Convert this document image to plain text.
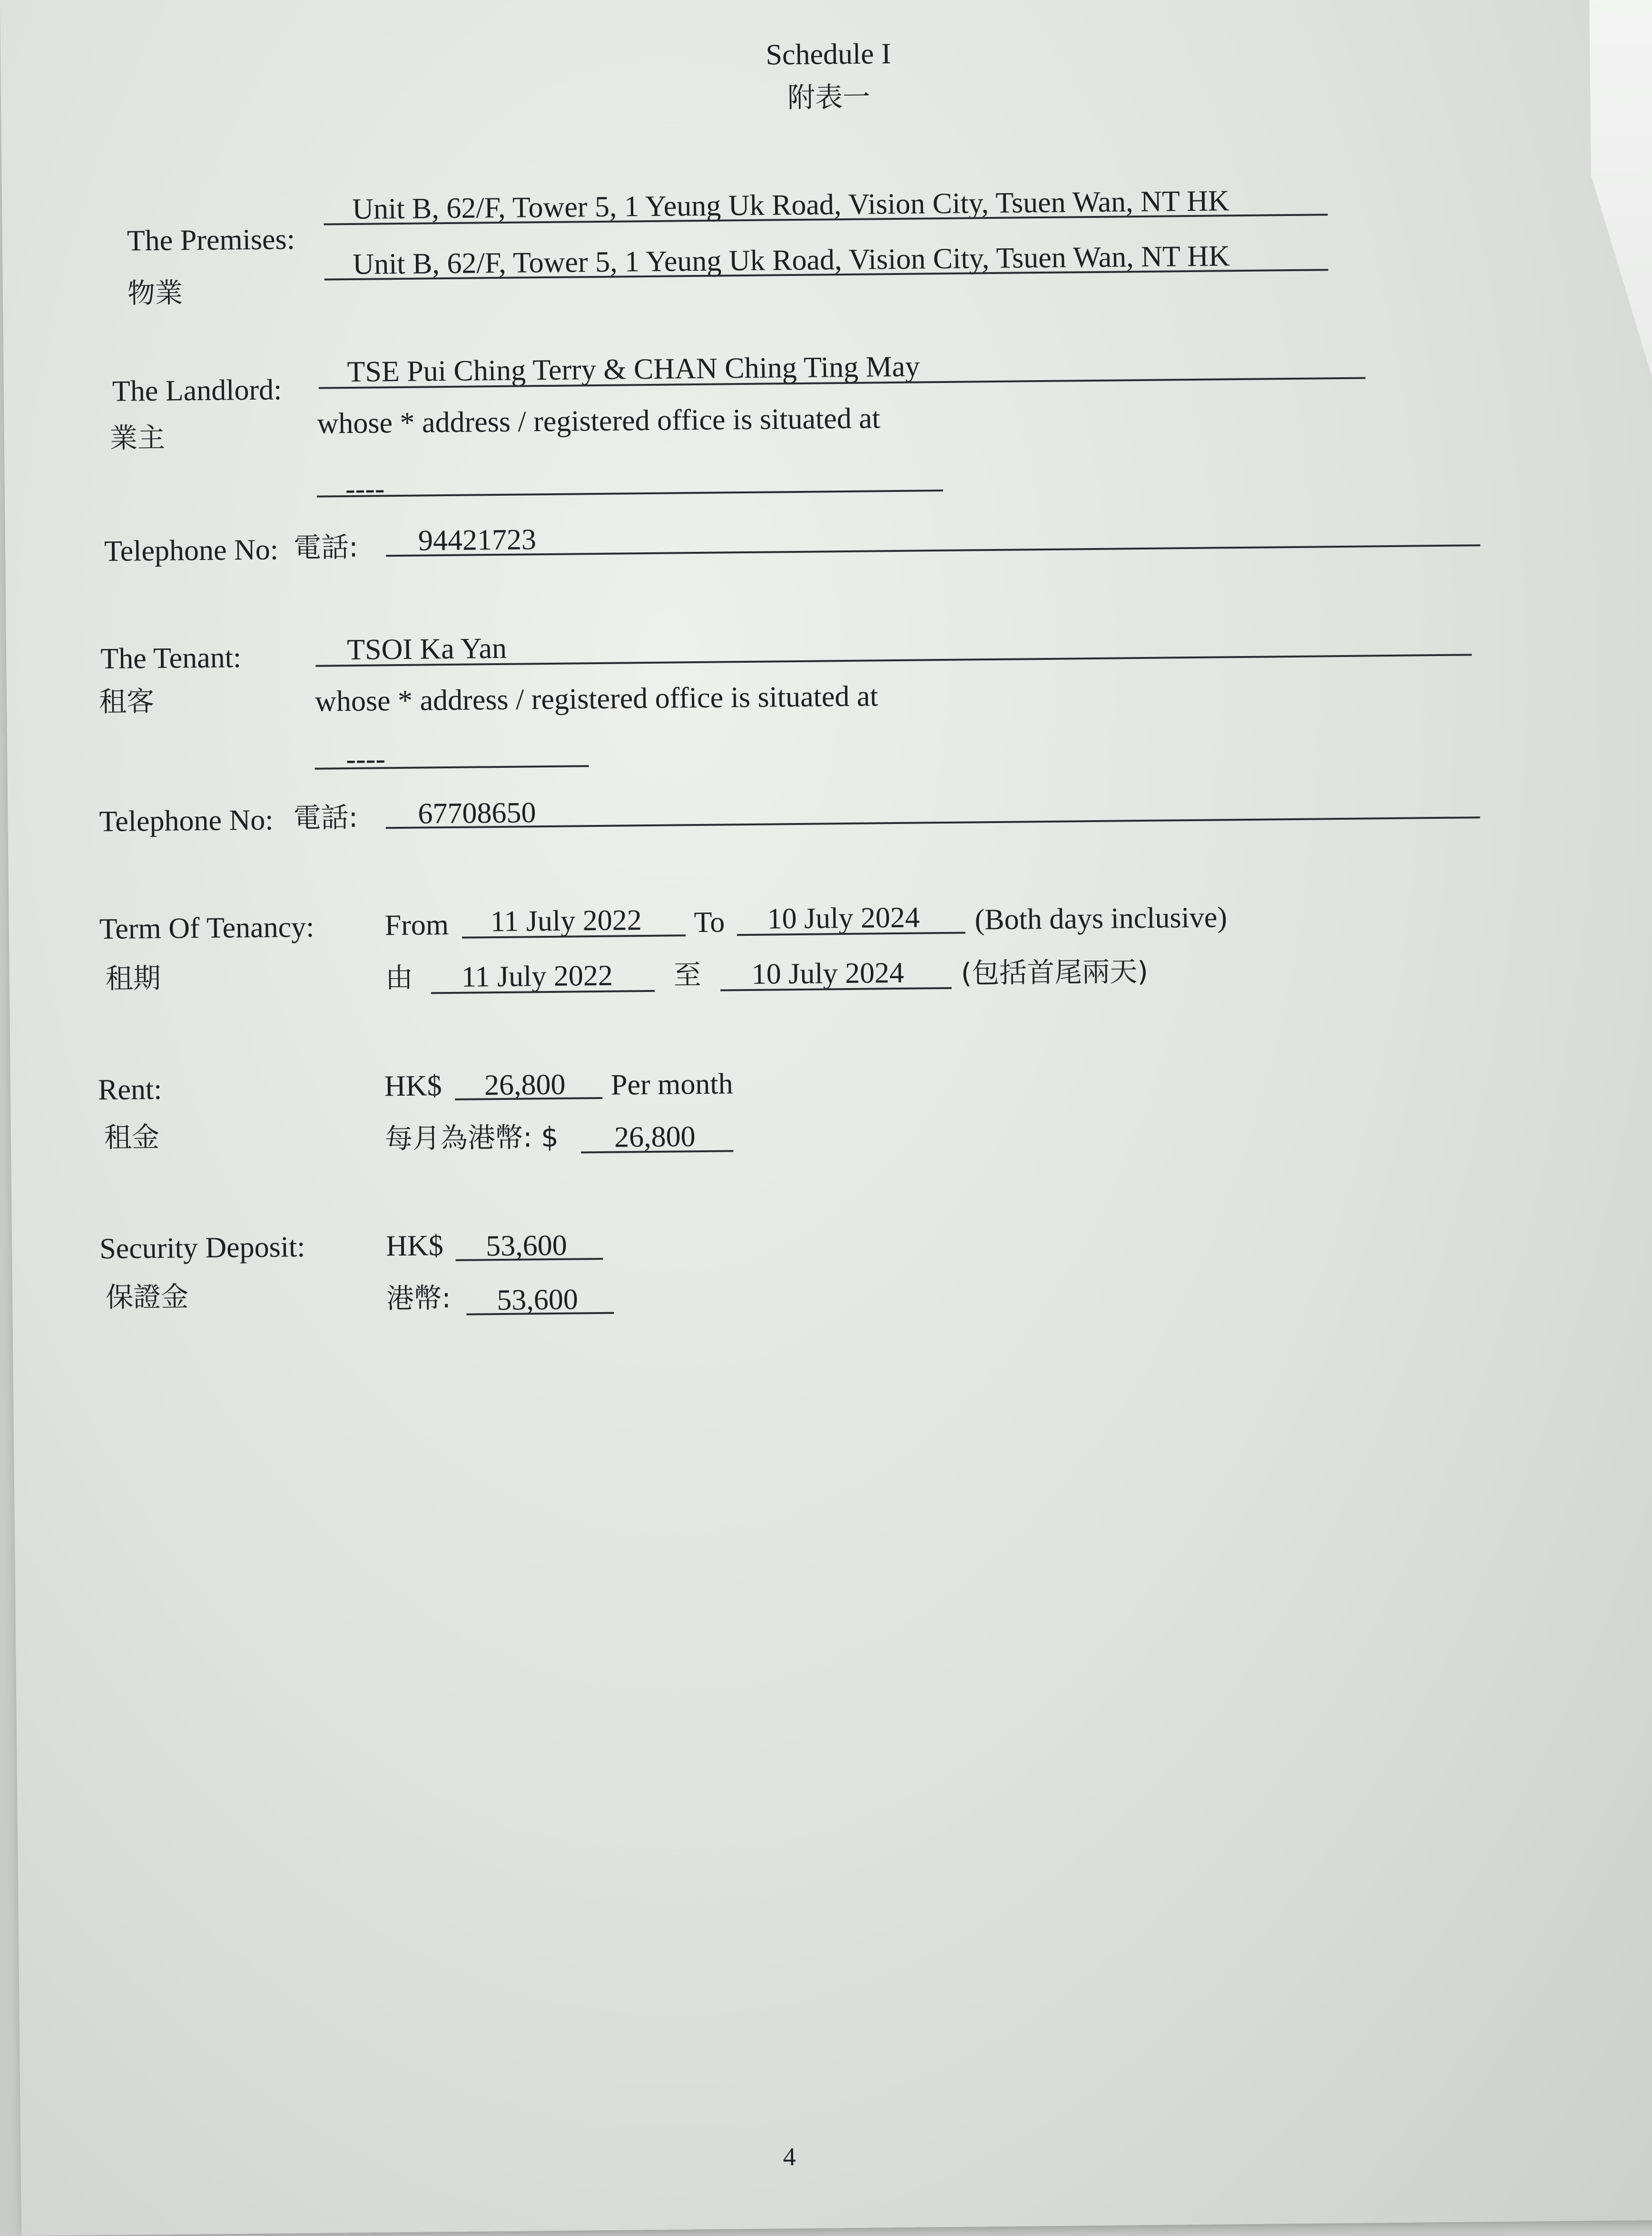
Schedule I
附表一
The Premises:
物業
Unit B, 62/F, Tower 5, 1 Yeung Uk Road, Vision City, Tsuen Wan, NT HK
Unit B, 62/F, Tower 5, 1 Yeung Uk Road, Vision City, Tsuen Wan, NT HK
The Landlord:
業主
TSE Pui Ching Terry & CHAN Ching Ting May
whose * address / registered office is situated at
----
Telephone No: 電話: 94421723
The Tenant:
租客
TSOI Ka Yan
whose * address / registered office is situated at
----
Telephone No: 電話: 67708650
Term Of Tenancy:
租期
From 11 July 2022 To 10 July 2024 (Both days inclusive)
由 11 July 2022 至 10 July 2024 (包括首尾兩天)
Rent:
租金
HK$ 26,800 Per month
每月為港幣: $ 26,800
Security Deposit:
保證金
HK$ 53,600
港幣: 53,600
4
